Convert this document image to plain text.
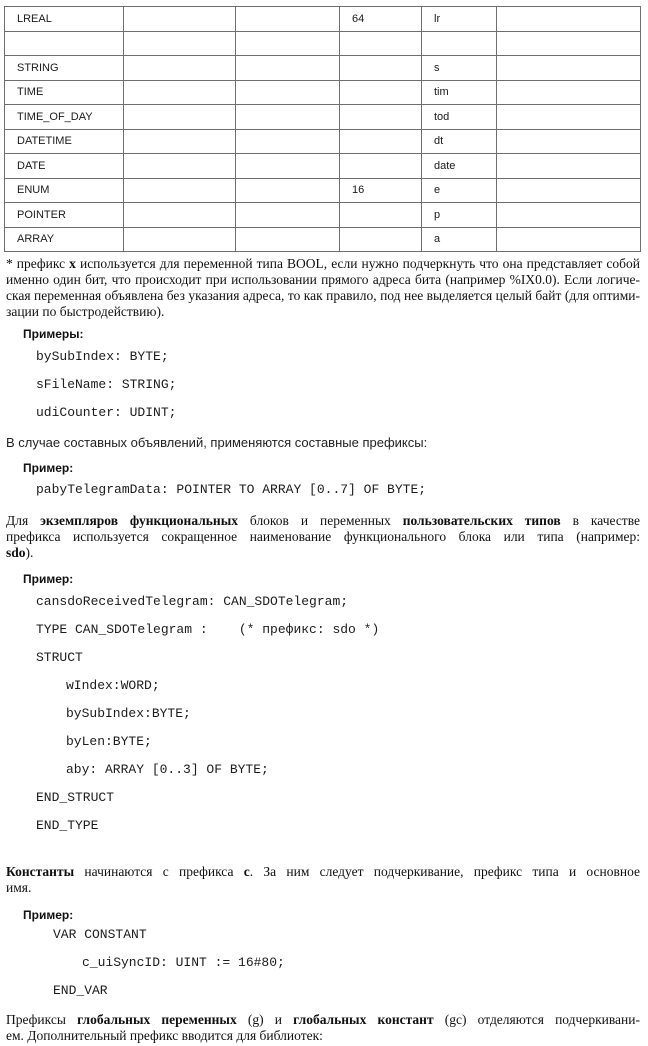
LREAL			64	lr	

STRING				s	
TIME				tim	
TIME_OF_DAY				tod	
DATETIME				dt	
DATE				date	
ENUM			16	e	
POINTER				p	
ARRAY				a	
* префикс x используется для переменной типа BOOL, если нужно подчеркнуть что она представляет собой
именно один бит, что происходит при использовании прямого адреса бита (например %IX0.0). Если логиче-
ская переменная объявлена без указания адреса, то как правило, под нее выделяется целый байт (для оптими-
зации по быстродействию).
Примеры:
bySubIndex: BYTE;
sFileName: STRING;
udiCounter: UDINT;
В случае составных объявлений, применяются составные префиксы:
Пример:
pabyTelegramData: POINTER TO ARRAY [0..7] OF BYTE;
Для экземпляров функциональных блоков и переменных пользовательских типов в качестве
префикса используется сокращенное наименование функционального блока или типа (например:
sdo).
Пример:
cansdoReceivedTelegram: CAN_SDOTelegram;
TYPE CAN_SDOTelegram :    (* префикс: sdo *)
STRUCT
wIndex:WORD;
bySubIndex:BYTE;
byLen:BYTE;
aby: ARRAY [0..3] OF BYTE;
END_STRUCT
END_TYPE
Константы начинаются с префикса c. За ним следует подчеркивание, префикс типа и основное
имя.
Пример:
VAR CONSTANT
c_uiSyncID: UINT := 16#80;
END_VAR
Префиксы глобальных переменных (g) и глобальных констант (gc) отделяются подчеркивани-
ем. Дополнительный префикс вводится для библиотек:
